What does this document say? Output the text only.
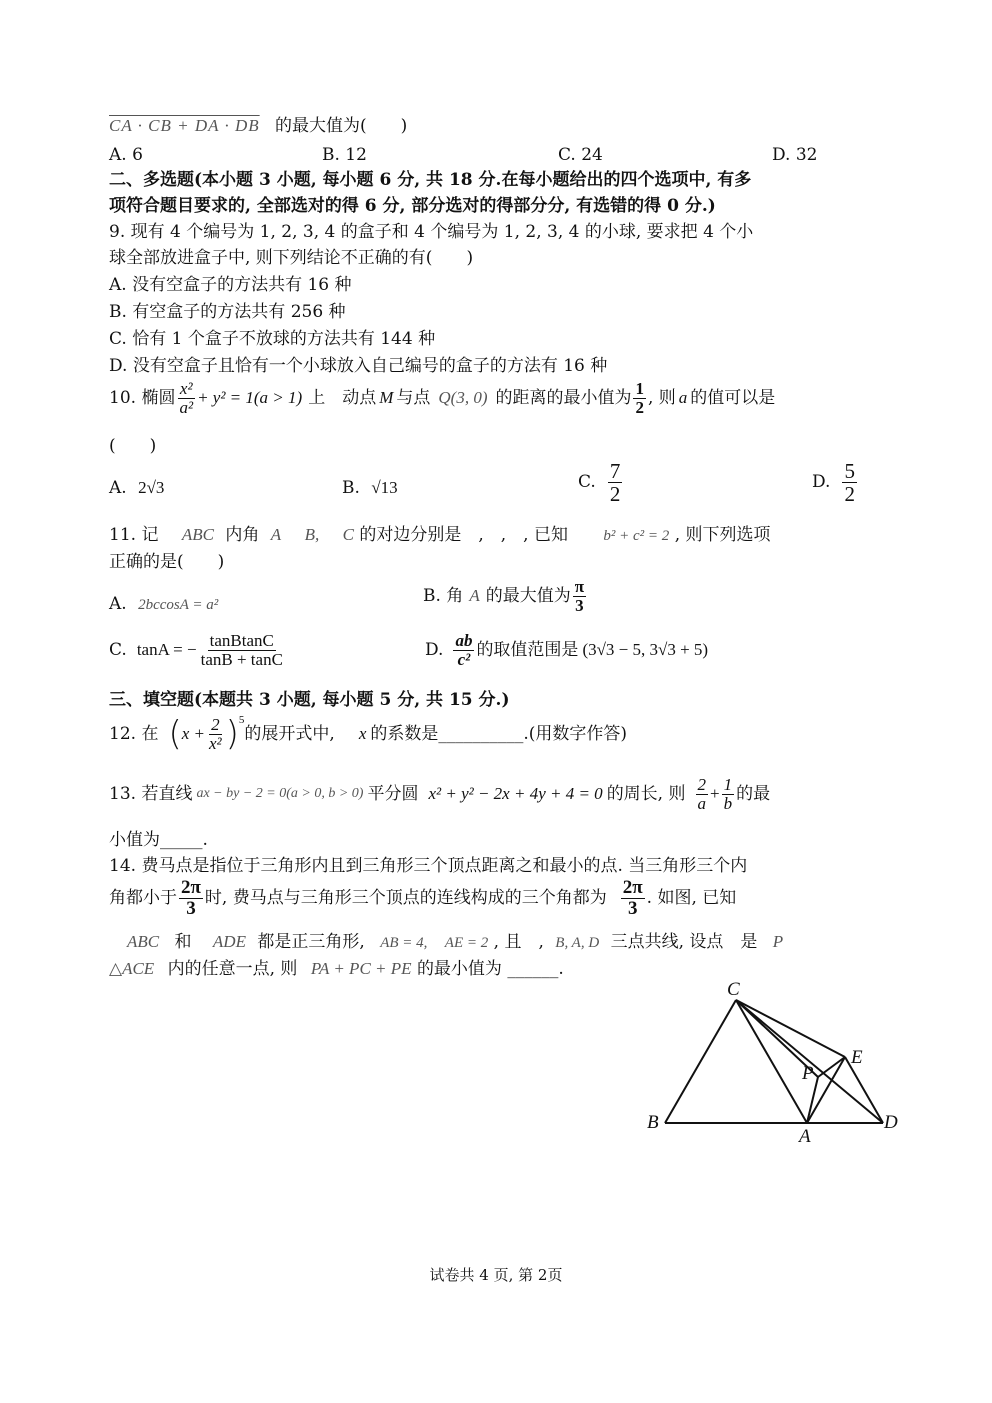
CA · CB + DA · DB 的最大值为(　　)
A. 6	B. 12	C. 24	D. 32
二、多选题(本小题 3 小题, 每小题 6 分, 共 18 分.在每小题给出的四个选项中, 有多
项符合题目要求的, 全部选对的得 6 分, 部分选对的得部分分, 有选错的得 0 分.)
9. 现有 4 个编号为 1, 2, 3, 4 的盒子和 4 个编号为 1, 2, 3, 4 的小球, 要求把 4 个小
球全部放进盒子中, 则下列结论不正确的有(　　)
A. 没有空盒子的方法共有 16 种
B. 有空盒子的方法共有 256 种
C. 恰有 1 个盒子不放球的方法共有 144 种
D. 没有空盒子且恰有一个小球放入自己编号的盒子的方法有 16 种
10. 椭圆 $\frac{\text{x²}}{\text{a²}} + y^2 = 1(a > 1)$ 上　动点 M 与点 Q(3, 0) 的距离的最小值为 $\frac{1}{2}$ , 则 a 的值可以是
(　　)
A. 2√3	B. √13	C. $\frac{7}{2}$	D. $\frac{5}{2}$
11. 记 ABC 内角 A B, C 的对边分别是　,　,　, 已知 b² + c² = 2 , 则下列选项
正确的是(　　)
A. 2bccosA = a²	B. 角 A 的最大值为 $\frac{\pi}{3}$
C. tanA = − $\frac{\text{tanBtanC}}{\tan B + \tan C}$	D. $\frac{ab}{\text{c²}}$ 的取值范围是 (3√3 − 5, 3√3 + 5)
三、填空题(本题共 3 小题, 每小题 5 分, 共 15 分.)
12. 在 ( $x + \frac{2}{\text{x²}}$ ) 5
的展开式中, x 的系数是__________.(用数字作答)
13. 若直线 ax − by − 2 = 0(a > 0, b > 0) 平分圆 x² + y² − 2x + 4y + 4 = 0 的周长, 则 $\frac{2}{a} + \frac{1}{b}$ 的最
小值为_____.
14. 费马点是指位于三角形内且到三角形三个顶点距离之和最小的点. 当三角形三个内
角都小于 $\frac{2\pi}{3}$ 时, 费马点与三角形三个顶点的连线构成的三个角都为 $\frac{2\pi}{3}$ . 如图, 已知
ABC 和 ADE 都是正三角形, AB = 4, AE = 2 , 且　, B, A, D 三点共线, 设点　是 P
△ACE 内的任意一点, 则 PA + PC + PE 的最小值为 ______.
C
E
P
B
A
D
试卷共 4 页, 第 2页
